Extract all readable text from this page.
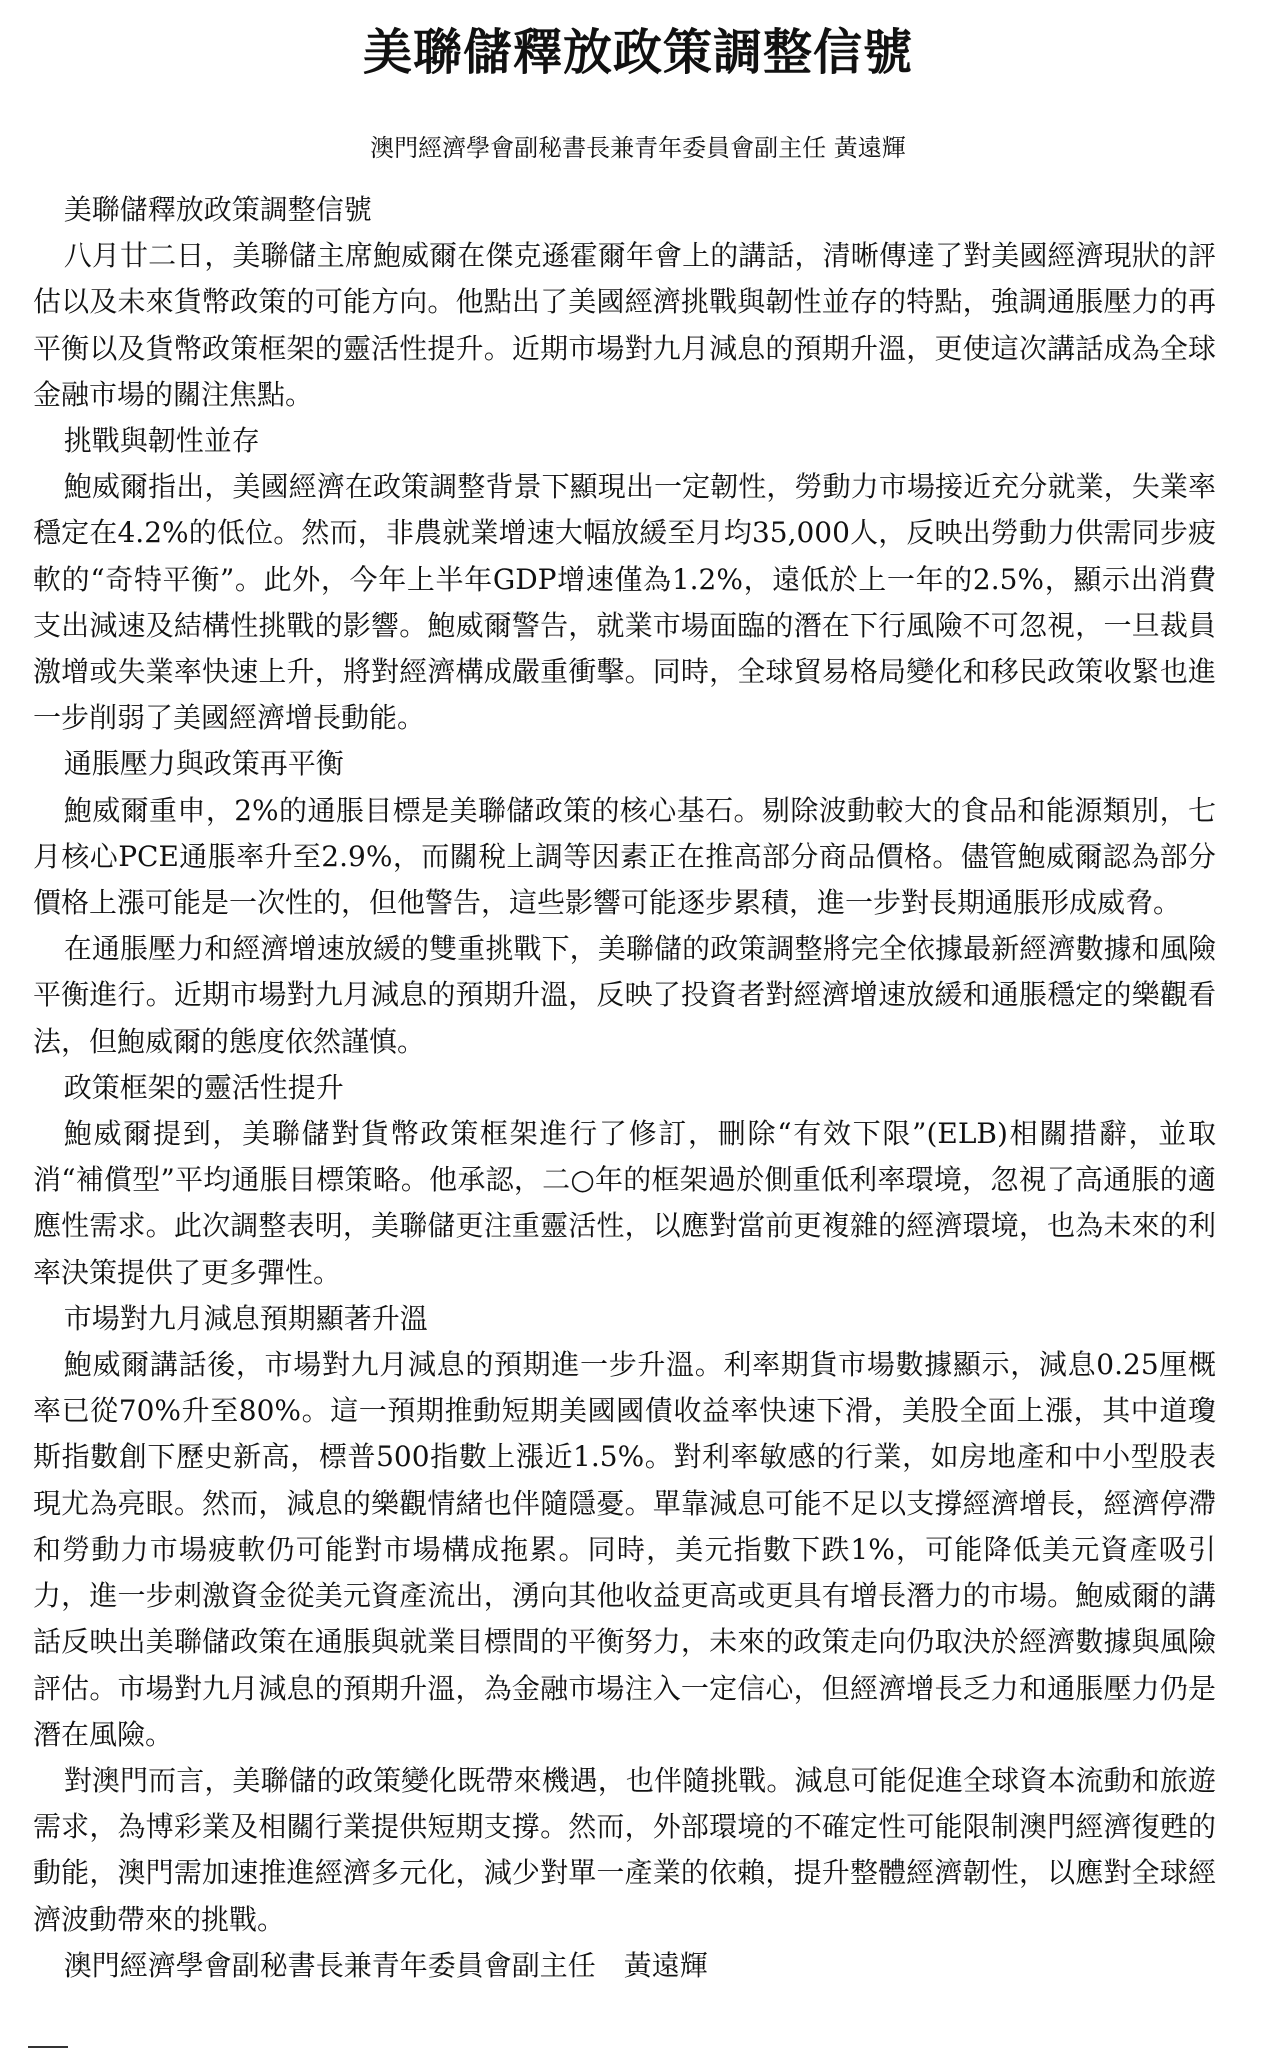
美聯儲釋放政策調整信號
澳門經濟學會副秘書長兼青年委員會副主任 黃遠輝

美聯儲釋放政策調整信號

八月廿二日，美聯儲主席鮑威爾在傑克遜霍爾年會上的講話，清晰傳達了對美國經濟現狀的評估以及未來貨幣政策的可能方向。他點出了美國經濟挑戰與韌性並存的特點，強調通脹壓力的再平衡以及貨幣政策框架的靈活性提升。近期市場對九月減息的預期升溫，更使這次講話成為全球金融市場的關注焦點。

挑戰與韌性並存

鮑威爾指出，美國經濟在政策調整背景下顯現出一定韌性，勞動力市場接近充分就業，失業率穩定在4.2%的低位。然而，非農就業增速大幅放緩至月均35,000人，反映出勞動力供需同步疲軟的“奇特平衡”。此外，今年上半年GDP增速僅為1.2%，遠低於上一年的2.5%，顯示出消費支出減速及結構性挑戰的影響。鮑威爾警告，就業市場面臨的潛在下行風險不可忽視，一旦裁員激增或失業率快速上升，將對經濟構成嚴重衝擊。同時，全球貿易格局變化和移民政策收緊也進一步削弱了美國經濟增長動能。

通脹壓力與政策再平衡

鮑威爾重申，2%的通脹目標是美聯儲政策的核心基石。剔除波動較大的食品和能源類別，七月核心PCE通脹率升至2.9%，而關稅上調等因素正在推高部分商品價格。儘管鮑威爾認為部分價格上漲可能是一次性的，但他警告，這些影響可能逐步累積，進一步對長期通脹形成威脅。

在通脹壓力和經濟增速放緩的雙重挑戰下，美聯儲的政策調整將完全依據最新經濟數據和風險平衡進行。近期市場對九月減息的預期升溫，反映了投資者對經濟增速放緩和通脹穩定的樂觀看法，但鮑威爾的態度依然謹慎。

政策框架的靈活性提升

鮑威爾提到，美聯儲對貨幣政策框架進行了修訂，刪除“有效下限”(ELB)相關措辭，並取消“補償型”平均通脹目標策略。他承認，二○年的框架過於側重低利率環境，忽視了高通脹的適應性需求。此次調整表明，美聯儲更注重靈活性，以應對當前更複雜的經濟環境，也為未來的利率決策提供了更多彈性。

市場對九月減息預期顯著升溫

鮑威爾講話後，市場對九月減息的預期進一步升溫。利率期貨市場數據顯示，減息0.25厘概率已從70%升至80%。這一預期推動短期美國國債收益率快速下滑，美股全面上漲，其中道瓊斯指數創下歷史新高，標普500指數上漲近1.5%。對利率敏感的行業，如房地產和中小型股表現尤為亮眼。然而，減息的樂觀情緒也伴隨隱憂。單靠減息可能不足以支撐經濟增長，經濟停滯和勞動力市場疲軟仍可能對市場構成拖累。同時，美元指數下跌1%，可能降低美元資產吸引力，進一步刺激資金從美元資產流出，湧向其他收益更高或更具有增長潛力的市場。鮑威爾的講話反映出美聯儲政策在通脹與就業目標間的平衡努力，未來的政策走向仍取決於經濟數據與風險評估。市場對九月減息的預期升溫，為金融市場注入一定信心，但經濟增長乏力和通脹壓力仍是潛在風險。

對澳門而言，美聯儲的政策變化既帶來機遇，也伴隨挑戰。減息可能促進全球資本流動和旅遊需求，為博彩業及相關行業提供短期支撐。然而，外部環境的不確定性可能限制澳門經濟復甦的動能，澳門需加速推進經濟多元化，減少對單一產業的依賴，提升整體經濟韌性，以應對全球經濟波動帶來的挑戰。

澳門經濟學會副秘書長兼青年委員會副主任　黃遠輝
